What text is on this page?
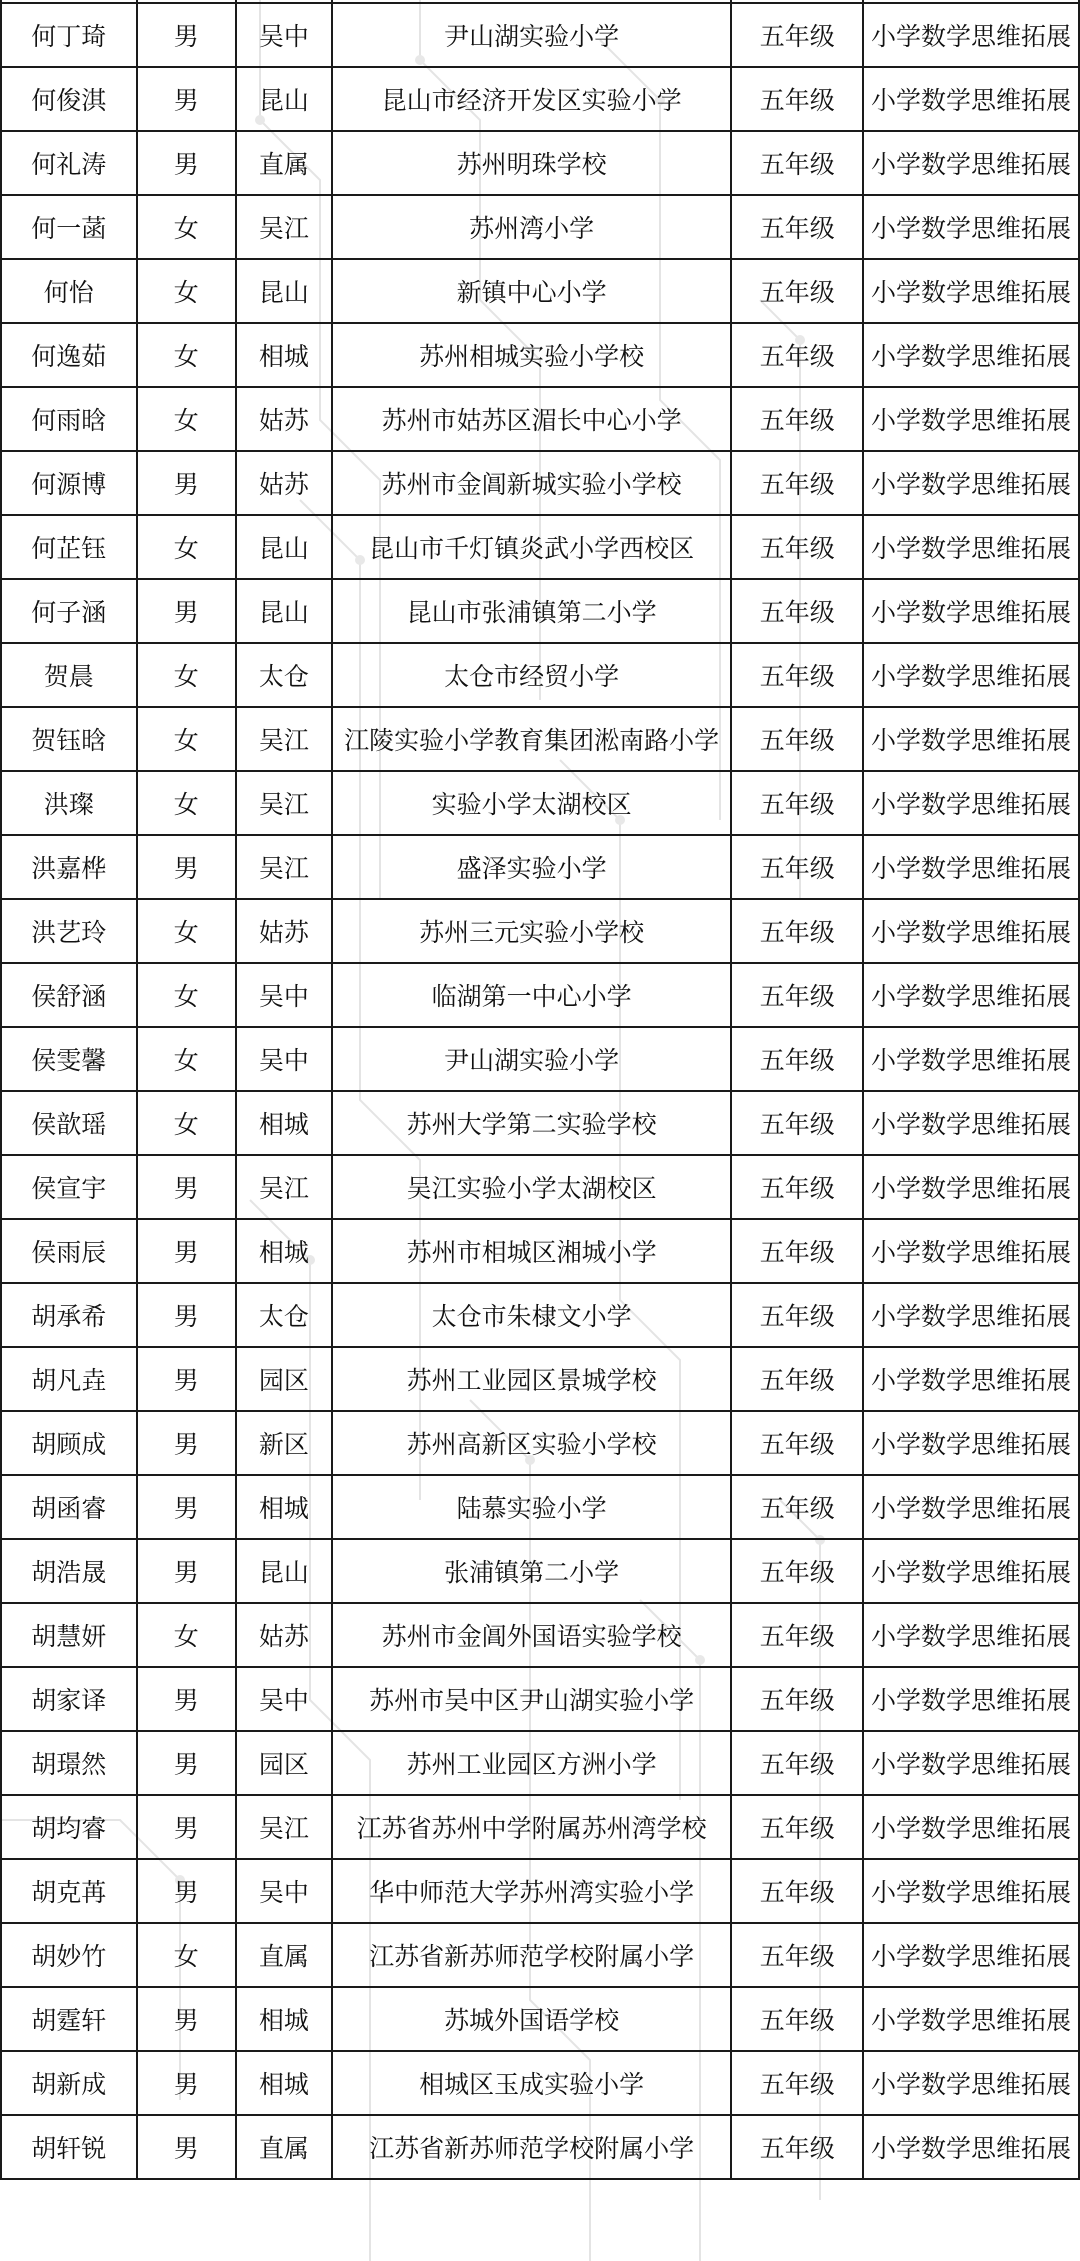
何丁琦	男	吴中	尹山湖实验小学	五年级	小学数学思维拓展
何俊淇	男	昆山	昆山市经济开发区实验小学	五年级	小学数学思维拓展
何礼涛	男	直属	苏州明珠学校	五年级	小学数学思维拓展
何一菡	女	吴江	苏州湾小学	五年级	小学数学思维拓展
何怡	女	昆山	新镇中心小学	五年级	小学数学思维拓展
何逸茹	女	相城	苏州相城实验小学校	五年级	小学数学思维拓展
何雨晗	女	姑苏	苏州市姑苏区湄长中心小学	五年级	小学数学思维拓展
何源博	男	姑苏	苏州市金阊新城实验小学校	五年级	小学数学思维拓展
何芷钰	女	昆山	昆山市千灯镇炎武小学西校区	五年级	小学数学思维拓展
何子涵	男	昆山	昆山市张浦镇第二小学	五年级	小学数学思维拓展
贺晨	女	太仓	太仓市经贸小学	五年级	小学数学思维拓展
贺钰晗	女	吴江	江陵实验小学教育集团淞南路小学	五年级	小学数学思维拓展
洪璨	女	吴江	实验小学太湖校区	五年级	小学数学思维拓展
洪嘉桦	男	吴江	盛泽实验小学	五年级	小学数学思维拓展
洪艺玲	女	姑苏	苏州三元实验小学校	五年级	小学数学思维拓展
侯舒涵	女	吴中	临湖第一中心小学	五年级	小学数学思维拓展
侯雯馨	女	吴中	尹山湖实验小学	五年级	小学数学思维拓展
侯歆瑶	女	相城	苏州大学第二实验学校	五年级	小学数学思维拓展
侯宣宇	男	吴江	吴江实验小学太湖校区	五年级	小学数学思维拓展
侯雨辰	男	相城	苏州市相城区湘城小学	五年级	小学数学思维拓展
胡承希	男	太仓	太仓市朱棣文小学	五年级	小学数学思维拓展
胡凡垚	男	园区	苏州工业园区景城学校	五年级	小学数学思维拓展
胡顾成	男	新区	苏州高新区实验小学校	五年级	小学数学思维拓展
胡函睿	男	相城	陆慕实验小学	五年级	小学数学思维拓展
胡浩晟	男	昆山	张浦镇第二小学	五年级	小学数学思维拓展
胡慧妍	女	姑苏	苏州市金阊外国语实验学校	五年级	小学数学思维拓展
胡家译	男	吴中	苏州市吴中区尹山湖实验小学	五年级	小学数学思维拓展
胡璟然	男	园区	苏州工业园区方洲小学	五年级	小学数学思维拓展
胡均睿	男	吴江	江苏省苏州中学附属苏州湾学校	五年级	小学数学思维拓展
胡克苒	男	吴中	华中师范大学苏州湾实验小学	五年级	小学数学思维拓展
胡妙竹	女	直属	江苏省新苏师范学校附属小学	五年级	小学数学思维拓展
胡霆轩	男	相城	苏城外国语学校	五年级	小学数学思维拓展
胡新成	男	相城	相城区玉成实验小学	五年级	小学数学思维拓展
胡轩锐	男	直属	江苏省新苏师范学校附属小学	五年级	小学数学思维拓展
